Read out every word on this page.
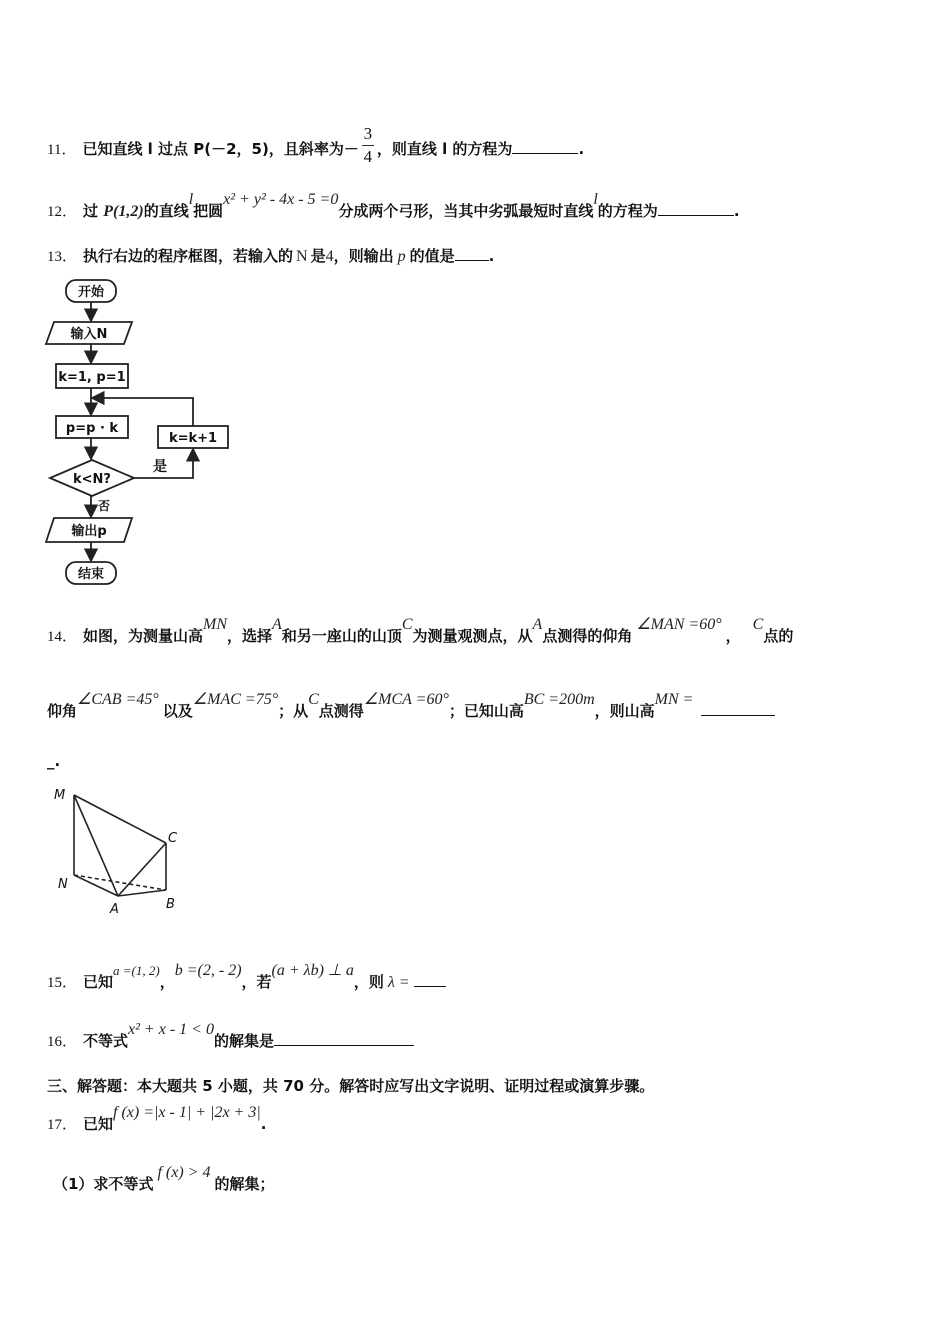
11． 已知直线 l 过点 P(－2，5)，且斜率为－ $\frac{3}{4}$ ，则直线 l 的方程为	.
12． 过 P(1,2)的直线l把圆x² + y² - 4x - 5 =0分成两个弓形，当其中劣弧最短时直线l的方程为	.
13． 执行右边的程序框图，若输入的 N 是4，则输出 p 的值是 .
开始
输入N
k=1, p=1
p=p · k
k=k+1
k<N?
是
否
输出p
结束
14． 如图，为测量山高MN，选择A和另一座山的山顶C为测量观测点，从A点测得的仰角∠MAN =60°，C点的
仰角∠CAB =45°以及∠MAC =75°；从C点测得∠MCA =60°；已知山高BC =200m，则山高MN =
_.
M
N
A	B
C
15． 已知a =(1, 2)，b =(2, - 2)，若(a + λb) ⊥ a，则 λ =
16． 不等式x² + x - 1 < 0的解集是
三、解答题：本大题共 5 小题，共 70 分。解答时应写出文字说明、证明过程或演算步骤。
17． 已知f (x) =|x - 1| + |2x + 3|.
（1）求不等式f (x) > 4的解集；
